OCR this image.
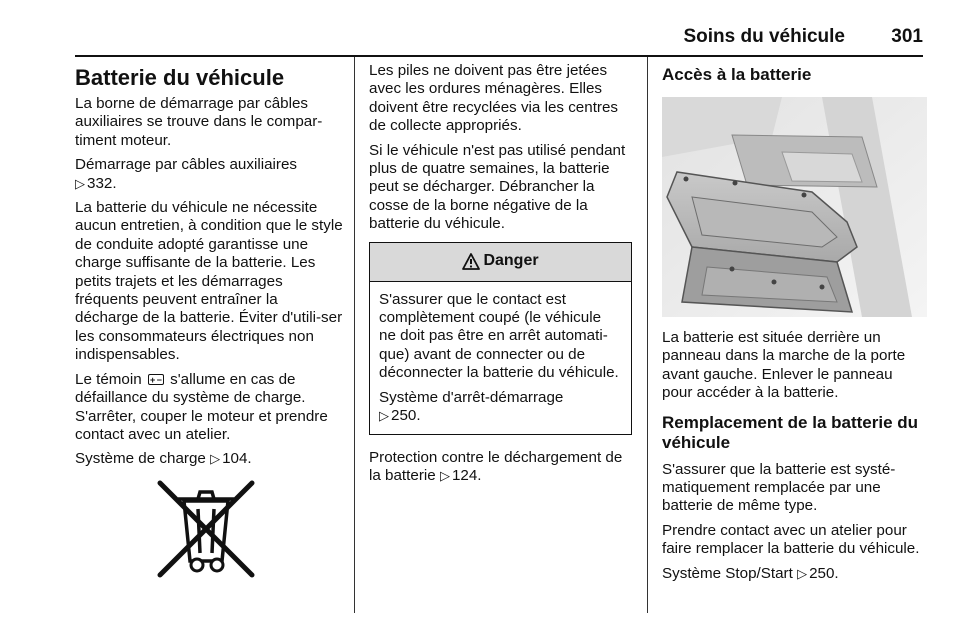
Soins du véhicule 301
Batterie du véhicule

La borne de démarrage par câbles auxiliaires se trouve dans le compar-timent moteur.

Démarrage par câbles auxiliaires
▷ 332.

La batterie du véhicule ne nécessite aucun entretien, à condition que le style de conduite adopté garantisse une charge suffisante de la batterie. Les petits trajets et les démarrages fréquents peuvent entraîner la décharge de la batterie. Éviter d'utili-ser les consommateurs électriques non indispensables.

Le témoin + − s'allume en cas de défaillance du système de charge. S'arrêter, couper le moteur et prendre contact avec un atelier.

Système de charge ▷ 104.

Les piles ne doivent pas être jetées avec les ordures ménagères. Elles doivent être recyclées via les centres de collecte appropriés.

Si le véhicule n'est pas utilisé pendant plus de quatre semaines, la batterie peut se décharger. Débrancher la cosse de la borne négative de la batterie du véhicule.

Danger

S'assurer que le contact est complètement coupé (le véhicule ne doit pas être en arrêt automati-que) avant de connecter ou de déconnecter la batterie du véhicule.

Système d'arrêt-démarrage
▷ 250.

Protection contre le déchargement de la batterie ▷ 124.

Accès à la batterie

La batterie est située derrière un panneau dans la marche de la porte avant gauche. Enlever le panneau pour accéder à la batterie.

Remplacement de la batterie du véhicule

S'assurer que la batterie est systé-matiquement remplacée par une batterie de même type.

Prendre contact avec un atelier pour faire remplacer la batterie du véhicule.

Système Stop/Start ▷ 250.
